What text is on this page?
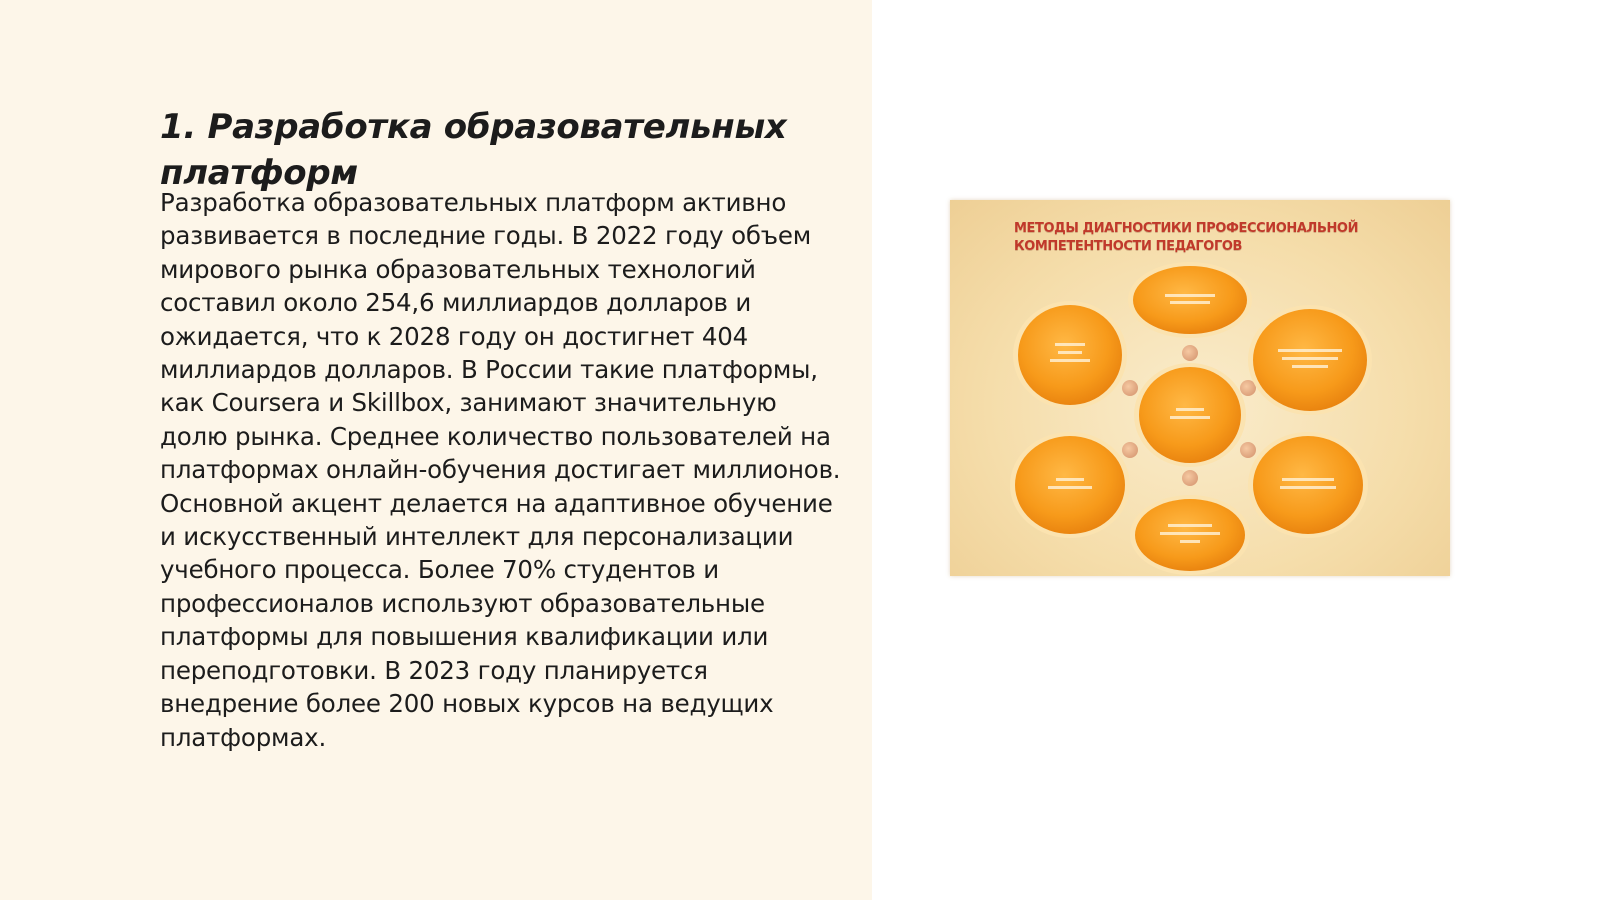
1. Разработка образовательных платформ

Разработка образовательных платформ активно развивается в последние годы. В 2022 году объем мирового рынка образовательных технологий составил около 254,6 миллиардов долларов и ожидается, что к 2028 году он достигнет 404 миллиардов долларов. В России такие платформы, как Coursera и Skillbox, занимают значительную долю рынка. Среднее количество пользователей на платформах онлайн-обучения достигает миллионов. Основной акцент делается на адаптивное обучение и искусственный интеллект для персонализации учебного процесса. Более 70% студентов и профессионалов используют образовательные платформы для повышения квалификации или переподготовки. В 2023 году планируется внедрение более 200 новых курсов на ведущих платформах.

МЕТОДЫ ДИАГНОСТИКИ ПРОФЕССИОНАЛЬНОЙ КОМПЕТЕНТНОСТИ ПЕДАГОГОВ
